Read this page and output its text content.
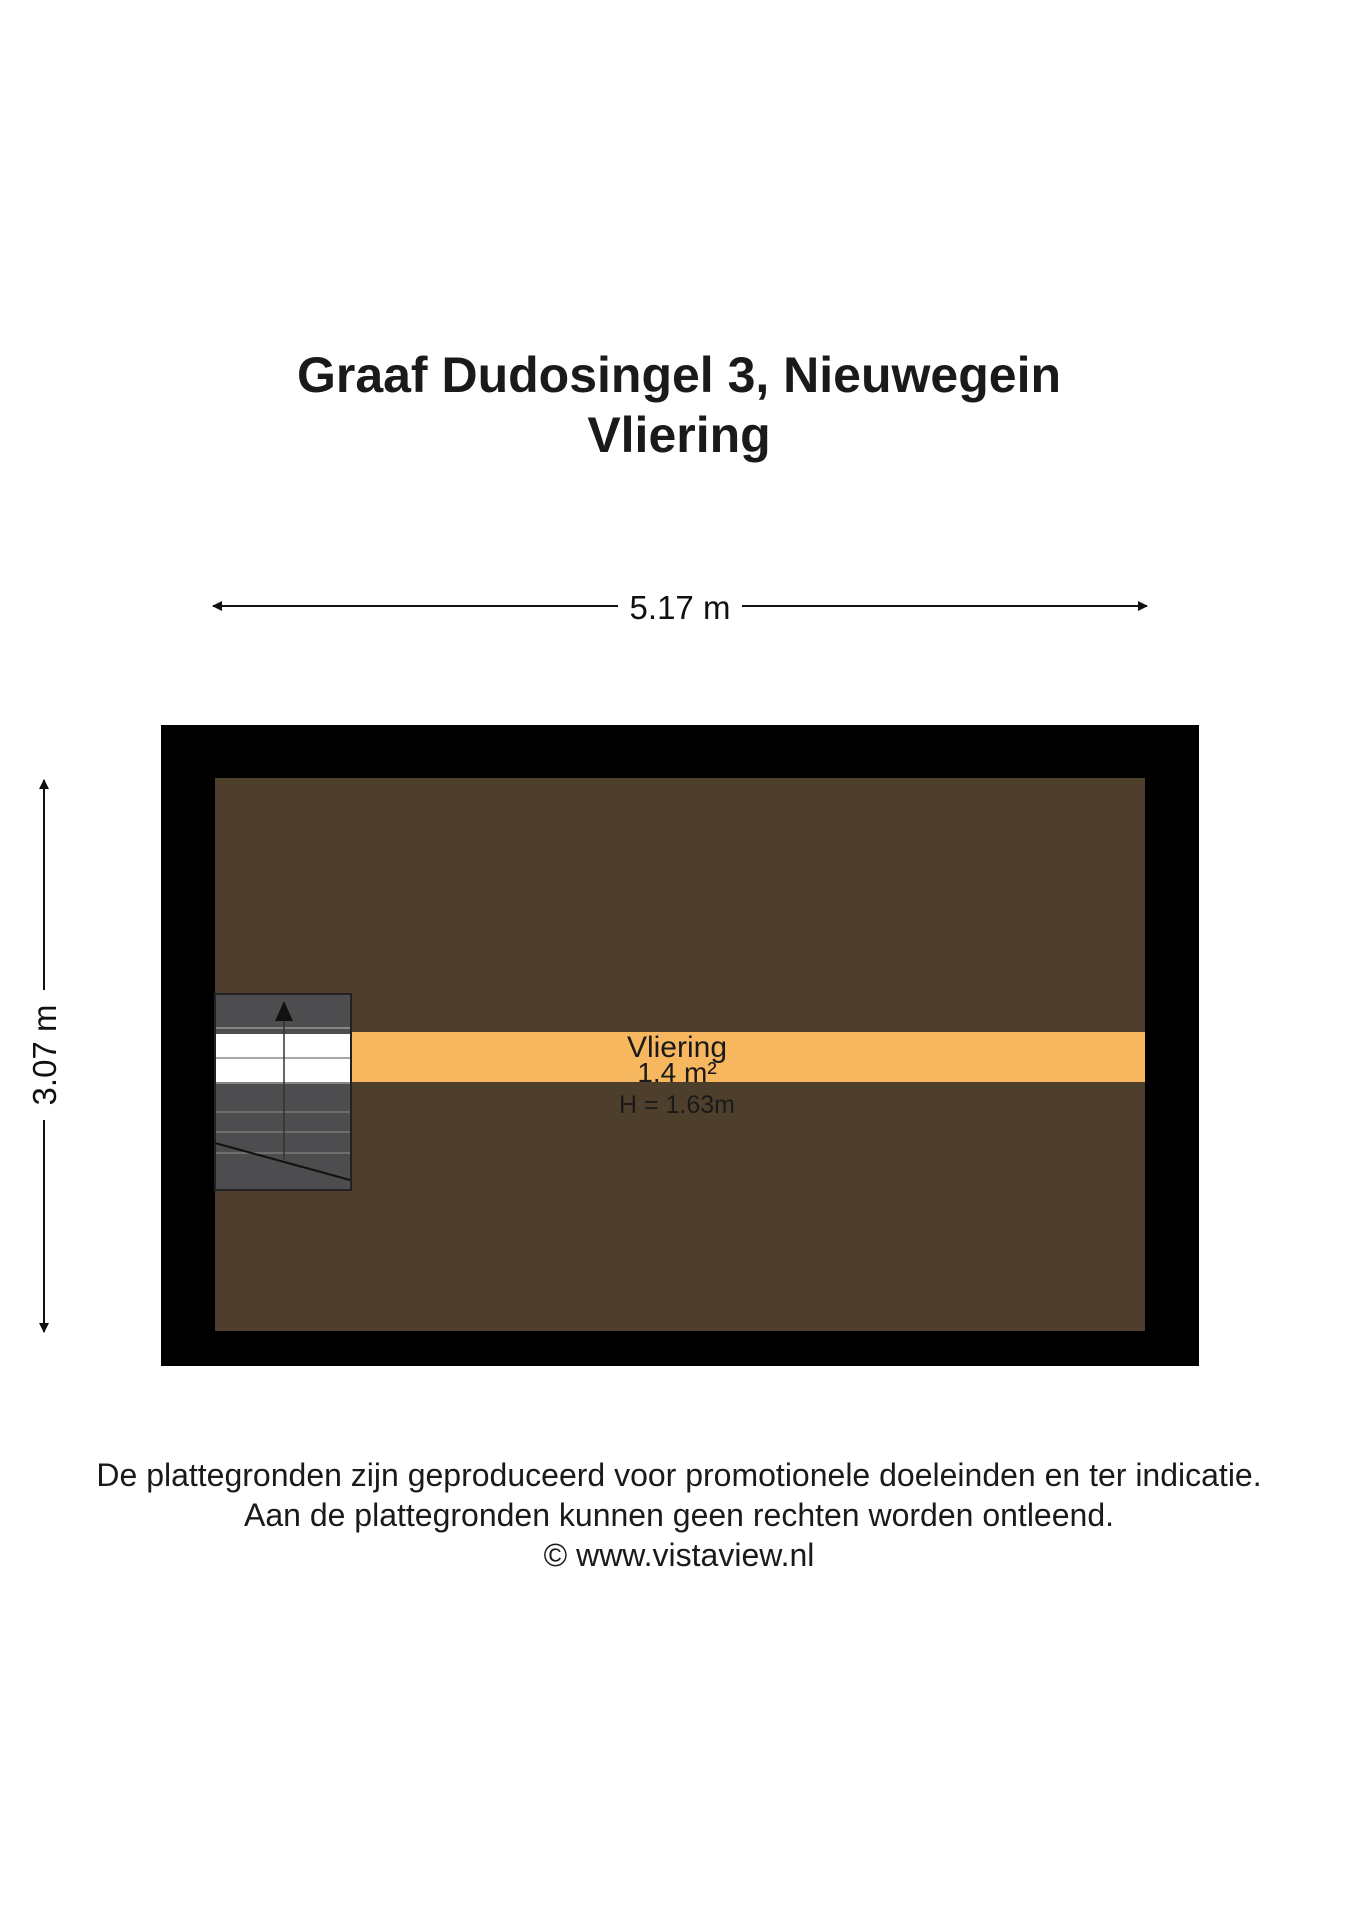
Graaf Dudosingel 3, Nieuwegein
Vliering
5.17 m
3.07 m	Vliering
1.4 m²
H = 1.63m
De plattegronden zijn geproduceerd voor promotionele doeleinden en ter indicatie.
Aan de plattegronden kunnen geen rechten worden ontleend.
© www.vistaview.nl
